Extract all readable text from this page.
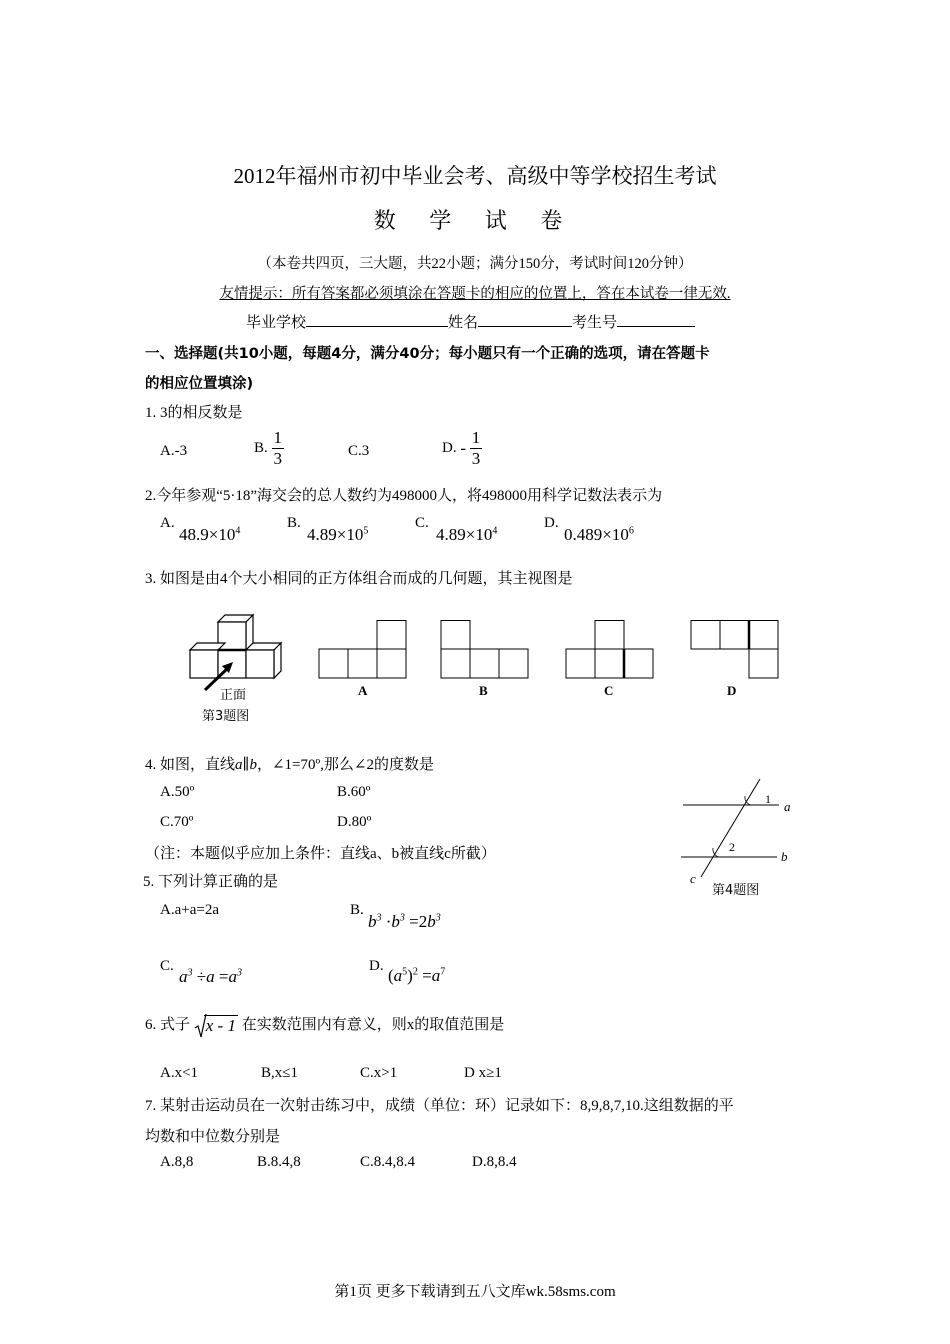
2012年福州市初中毕业会考、高级中等学校招生考试
数 学 试 卷
（本卷共四页，三大题，共22小题；满分150分，考试时间120分钟）
友情提示：所有答案都必须填涂在答题卡的相应的位置上，答在本试卷一律无效.
毕业学校	姓名	考生号
一、选择题(共10小题，每题4分，满分40分；每小题只有一个正确的选项，请在答题卡
的相应位置填涂)
1. 3的相反数是
A.-3	B. $\frac{1}{3}$	C.3	D. - $\frac{1}{3}$
2.今年参观“5·18”海交会的总人数约为498000人，将498000用科学记数法表示为
A.
$48.9\times 10^4$	B.
$4.89\times 10^5$	C.
$4.89\times 10^4$	D.
$0.489\times 10^6$
3. 如图是由4个大小相同的正方体组合而成的几何题，其主视图是
正面
第3题图
A	B	C	D
4. 如图，直线a∥b，∠1=70º,那么∠2的度数是
A.50º	B.60º
C.70º	D.80º
（注：本题似乎应加上条件：直线a、b被直线c所截）
1 a
2
b
c
第4题图
5. 下列计算正确的是
A.a+a=2a	B.
$b^3 \cdot b^3 =2b^3$
C.
$a^3 \div a =a^3$	D. $(a^5)^2 =a^7$
6. 式子 x - 1 在实数范围内有意义，则x的取值范围是
A.x<1	B,x≤1	C.x>1	D x≥1
7. 某射击运动员在一次射击练习中，成绩（单位：环）记录如下：8,9,8,7,10.这组数据的平
均数和中位数分别是
A.8,8	B.8.4,8	C.8.4,8.4	D.8,8.4
第1页 更多下载请到五八文库wk.58sms.com
